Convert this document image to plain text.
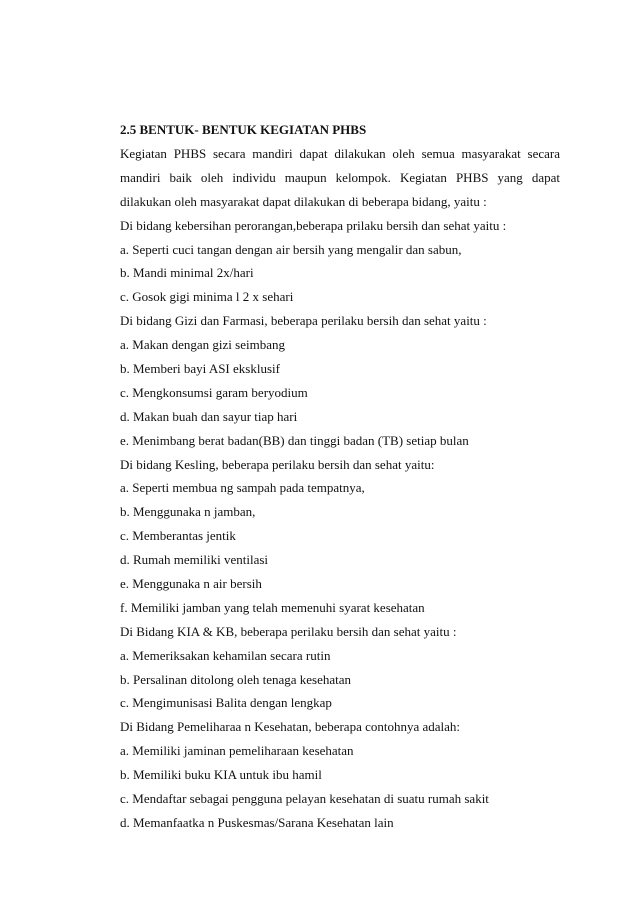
2.5 BENTUK- BENTUK KEGIATAN PHBS
Kegiatan PHBS secara mandiri dapat dilakukan oleh semua masyarakat secara
mandiri baik oleh individu maupun kelompok. Kegiatan PHBS yang dapat
dilakukan oleh masyarakat dapat dilakukan di beberapa bidang, yaitu :
Di bidang kebersihan perorangan,beberapa prilaku bersih dan sehat yaitu :
a. Seperti cuci tangan dengan air bersih yang mengalir dan sabun,
b. Mandi minimal 2x/hari
c. Gosok gigi minima l 2 x sehari
Di bidang Gizi dan Farmasi, beberapa perilaku bersih dan sehat yaitu :
a. Makan dengan gizi seimbang
b. Memberi bayi ASI eksklusif
c. Mengkonsumsi garam beryodium
d. Makan buah dan sayur tiap hari
e. Menimbang berat badan(BB) dan tinggi badan (TB) setiap bulan
Di bidang Kesling, beberapa perilaku bersih dan sehat yaitu:
a. Seperti membua ng sampah pada tempatnya,
b. Menggunaka n jamban,
c. Memberantas jentik
d. Rumah memiliki ventilasi
e. Menggunaka n air bersih
f. Memiliki jamban yang telah memenuhi syarat kesehatan
Di Bidang KIA & KB, beberapa perilaku bersih dan sehat yaitu :
a. Memeriksakan kehamilan secara rutin
b. Persalinan ditolong oleh tenaga kesehatan
c. Mengimunisasi Balita dengan lengkap
Di Bidang Pemeliharaa n Kesehatan, beberapa contohnya adalah:
a. Memiliki jaminan pemeliharaan kesehatan
b. Memiliki buku KIA untuk ibu hamil
c. Mendaftar sebagai pengguna pelayan kesehatan di suatu rumah sakit
d. Memanfaatka n Puskesmas/Sarana Kesehatan lain
